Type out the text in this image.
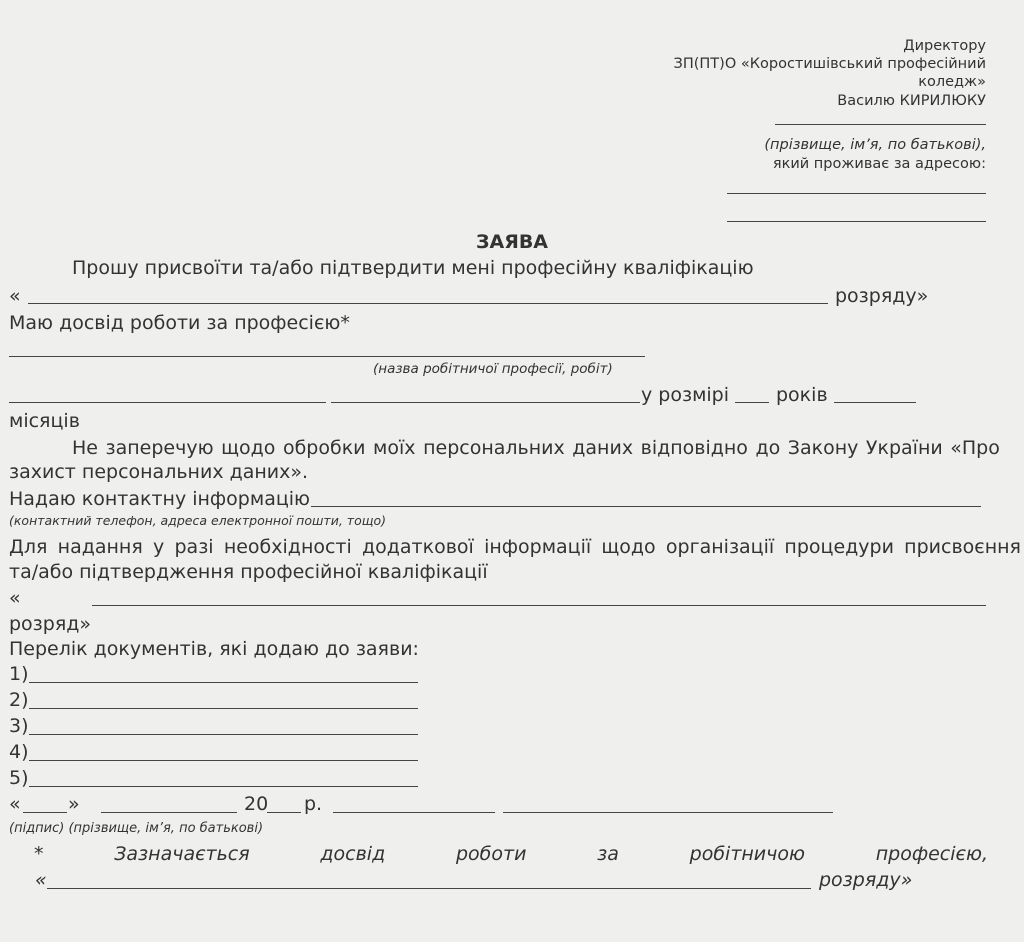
Директору
ЗП(ПТ)О «Коростишівський професійний
коледж»
Василю КИРИЛЮКУ
(прізвище, ім’я, по батькові),
який проживає за адресою:
ЗАЯВА
Прошу присвоїти та/або підтвердити мені професійну кваліфікацію
«	розряду»
Маю досвід роботи за професією*
(назва робітничої професії, робіт)
у розмірі років
місяців
Не заперечую щодо обробки моїх персональних даних відповідно до Закону України «Про
захист персональних даних».
Надаю контактну інформацію
(контактний телефон, адреса електронної пошти, тощо)
Для надання у разі необхідності додаткової інформації щодо організації процедури присвоєння
та/або підтвердження професійної кваліфікації
«
розряд»
Перелік документів, які додаю до заяви:
1)
2)
3)
4)
5)
« »	20 р.
(підпис) (прізвище, ім’я, по батькові)
*	Зазначається	досвід	роботи	за	робітничою	професією,
«	розряду»
